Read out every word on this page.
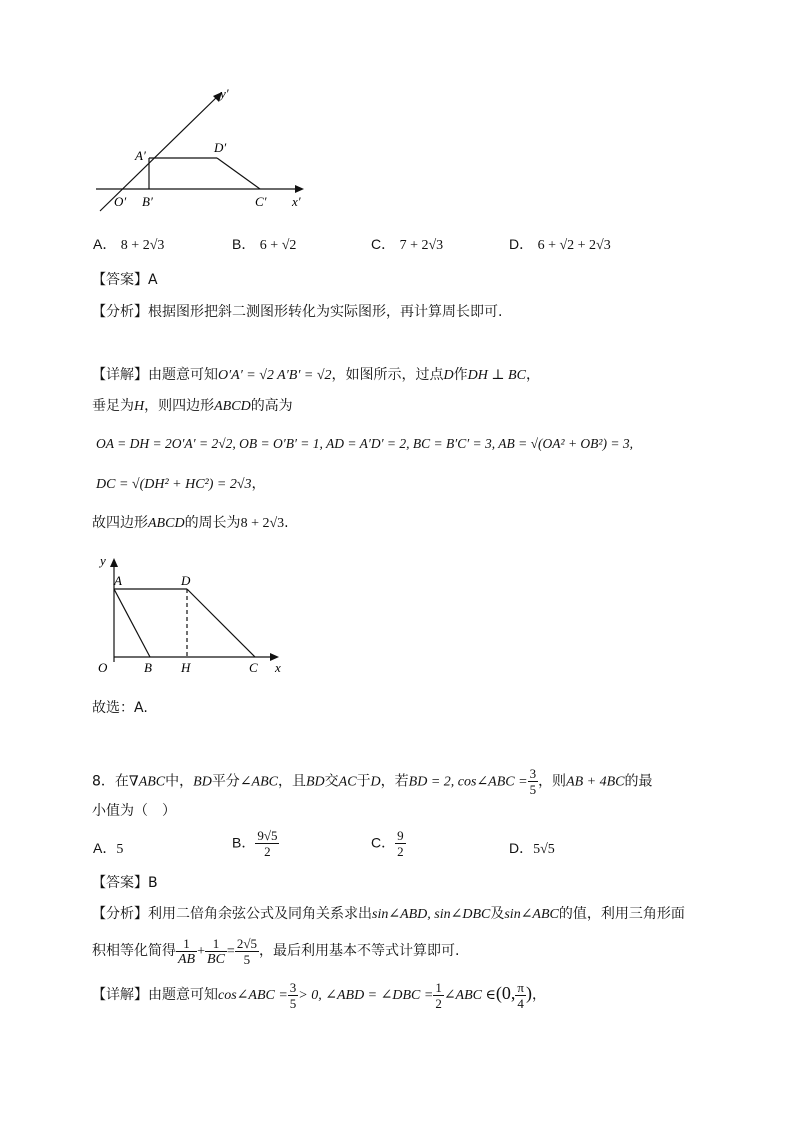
y′
x′
O′
A′
B′	C′
D′
A． 8 + 2√3	B． 6 + √2	C． 7 + 2√3	D． 6 + √2 + 2√3
【答案】A
【分析】根据图形把斜二测图形转化为实际图形，再计算周长即可.
【详解】由题意可知O′A′ = √2 A′B′ = √2，如图所示，过点D作DH ⊥ BC，
垂足为H，则四边形ABCD的高为
OA = DH = 2O′A′ = 2√2, OB = O′B′ = 1, AD = A′D′ = 2, BC = B′C′ = 3, AB = √(OA² + OB²) = 3,
DC = √(DH² + HC²) = 2√3，
故四边形ABCD的周长为8 + 2√3.
y
x
O
A	D
B H	C
故选：A.
8．在∇ABC中，BD平分∠ABC，且BD交AC于D，若BD = 2, cos∠ABC = $\frac{3}{5}$ ，则AB + 4BC的最
小值为（　）
A．5	B． $\frac{9√5}{2}$	C． $\frac{9}{2}$	D．5√5
【答案】B
【分析】利用二倍角余弦公式及同角关系求出sin∠ABD, sin∠DBC及sin∠ABC的值，利用三角形面
积相等化简得 $\frac{1}{AB} + \frac{1}{BC} = \frac{2√5}{5}$ ，最后利用基本不等式计算即可.
【详解】由题意可知cos∠ABC = $\frac{3}{5} > 0$, ∠ABD = ∠DBC = $\frac{1}{2}$ ∠ABC ∈(0, $\frac{\pi}{4}$ )，
